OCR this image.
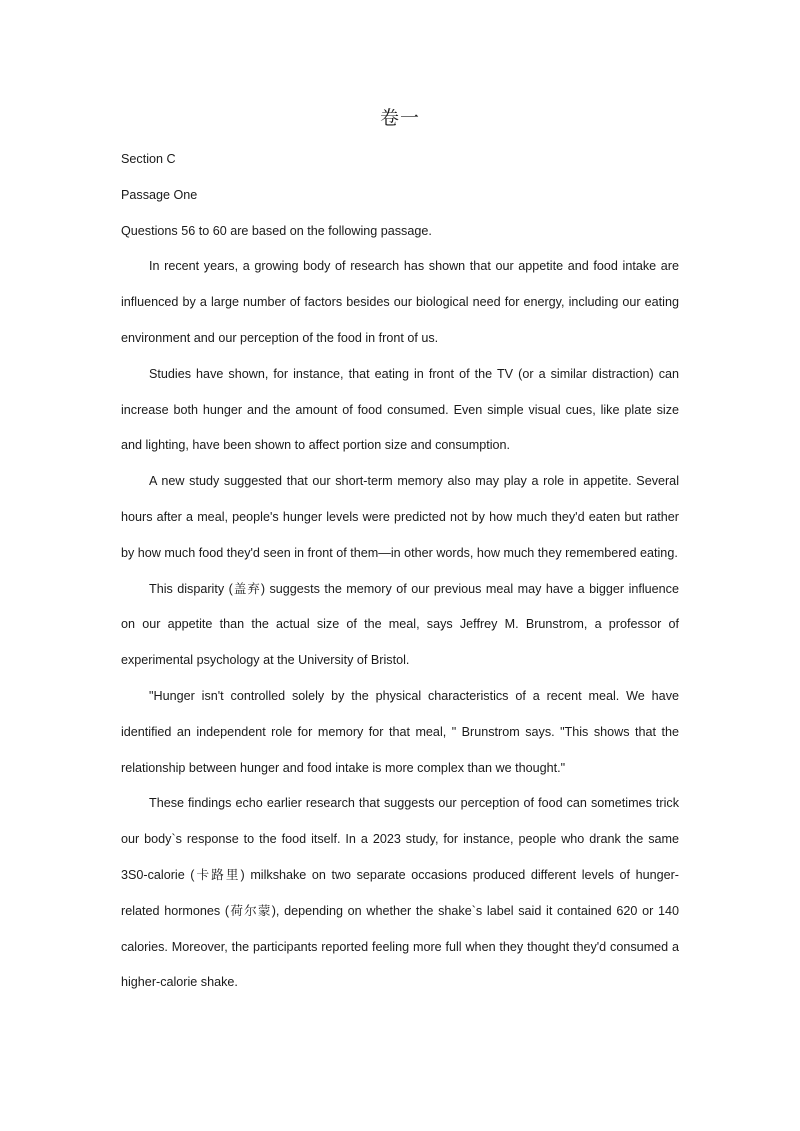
卷一

Section C

Passage One

Questions 56 to 60 are based on the following passage.

In recent years, a growing body of research has shown that our appetite and food intake are influenced by a large number of factors besides our biological need for energy, including our eating environment and our perception of the food in front of us.

Studies have shown, for instance, that eating in front of the TV (or a similar distraction) can increase both hunger and the amount of food consumed. Even simple visual cues, like plate size and lighting, have been shown to affect portion size and consumption.

A new study suggested that our short-term memory also may play a role in appetite. Several hours after a meal, people's hunger levels were predicted not by how much they'd eaten but rather by how much food they'd seen in front of them—in other words, how much they remembered eating.

This disparity (盖弃) suggests the memory of our previous meal may have a bigger influence on our appetite than the actual size of the meal, says Jeffrey M. Brunstrom, a professor of experimental psychology at the University of Bristol.

"Hunger isn't controlled solely by the physical characteristics of a recent meal. We have identified an independent role for memory for that meal, " Brunstrom says. "This shows that the relationship between hunger and food intake is more complex than we thought."

These findings echo earlier research that suggests our perception of food can sometimes trick our body`s response to the food itself. In a 2023 study, for instance, people who drank the same 3S0-calorie (卡路里) milkshake on two separate occasions produced different levels of hunger-related hormones (荷尔蒙), depending on whether the shake`s label said it contained 620 or 140 calories. Moreover, the participants reported feeling more full when they thought they'd consumed a higher-calorie shake.
